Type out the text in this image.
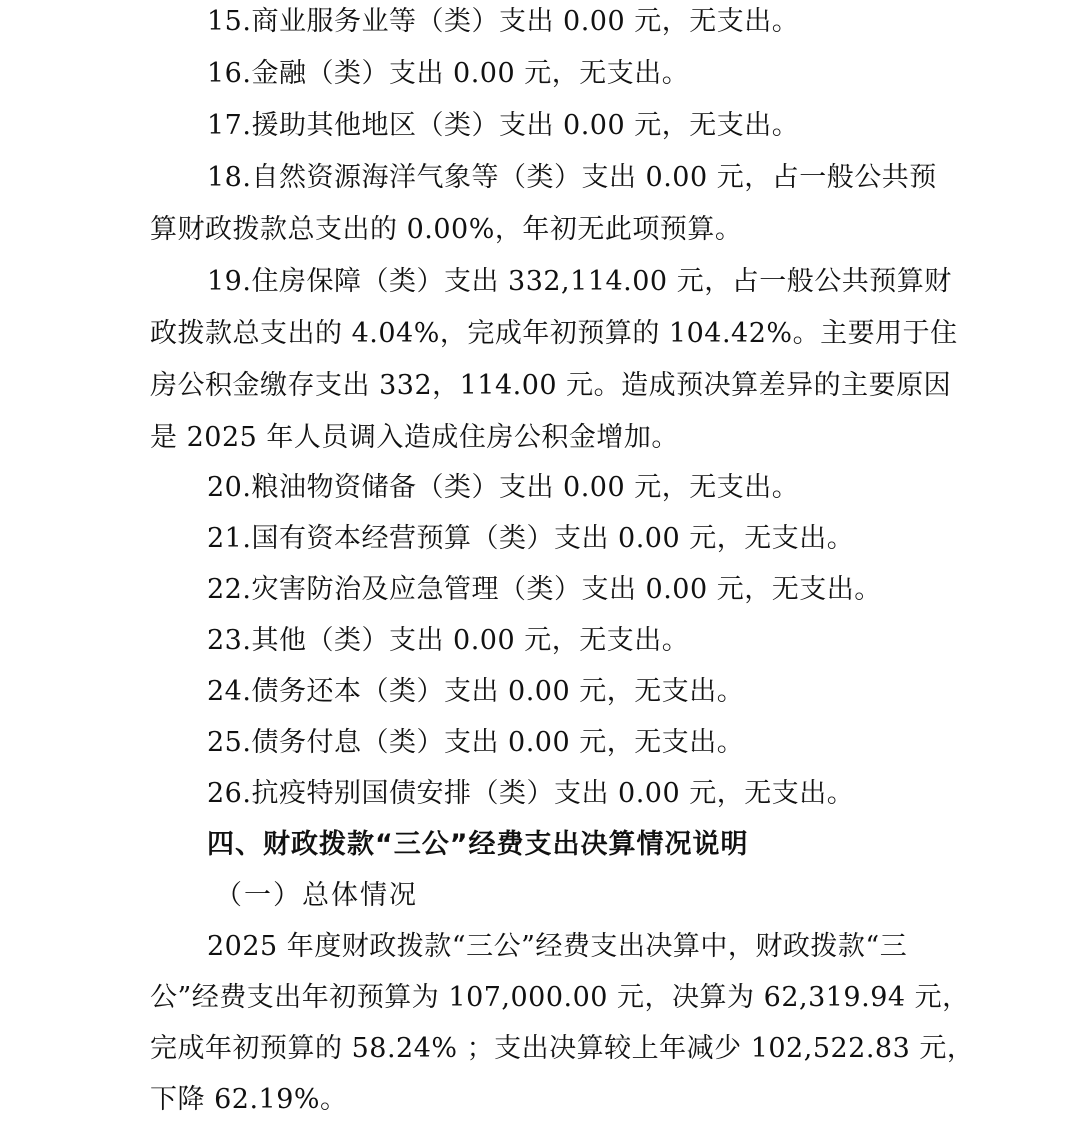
15.商业服务业等（类）支出 0.00 元，无支出。
16.金融（类）支出 0.00 元，无支出。
17.援助其他地区（类）支出 0.00 元，无支出。
18.自然资源海洋气象等（类）支出 0.00 元，占一般公共预
算财政拨款总支出的 0.00%，年初无此项预算。
19.住房保障（类）支出 332,114.00 元，占一般公共预算财
政拨款总支出的 4.04%，完成年初预算的 104.42%。主要用于住
房公积金缴存支出 332，114.00 元。造成预决算差异的主要原因
是 2025 年人员调入造成住房公积金增加。
20.粮油物资储备（类）支出 0.00 元，无支出。
21.国有资本经营预算（类）支出 0.00 元，无支出。
22.灾害防治及应急管理（类）支出 0.00 元，无支出。
23.其他（类）支出 0.00 元，无支出。
24.债务还本（类）支出 0.00 元，无支出。
25.债务付息（类）支出 0.00 元，无支出。
26.抗疫特别国债安排（类）支出 0.00 元，无支出。
四、财政拨款“三公”经费支出决算情况说明
（一）总体情况
2025 年度财政拨款“三公”经费支出决算中，财政拨款“三
公”经费支出年初预算为 107,000.00 元，决算为 62,319.94 元，
完成年初预算的 58.24% ；支出决算较上年减少 102,522.83 元，
下降 62.19%。
